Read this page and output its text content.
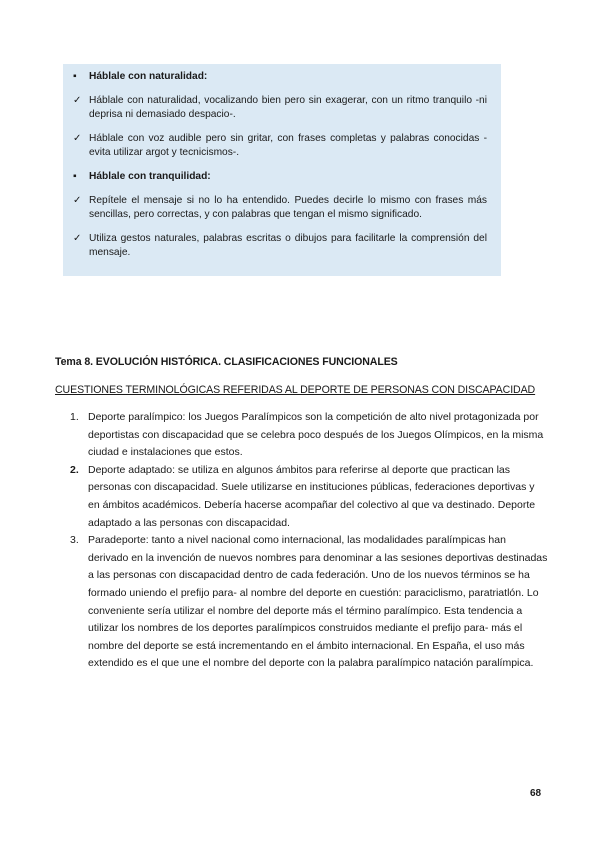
▪ Háblale con naturalidad:
✓ Háblale con naturalidad, vocalizando bien pero sin exagerar, con un ritmo tranquilo -ni deprisa ni demasiado despacio-.
✓ Háblale con voz audible pero sin gritar, con frases completas y palabras conocidas -evita utilizar argot y tecnicismos-.
▪ Háblale con tranquilidad:
✓ Repítele el mensaje si no lo ha entendido. Puedes decirle lo mismo con frases más sencillas, pero correctas, y con palabras que tengan el mismo significado.
✓ Utiliza gestos naturales, palabras escritas o dibujos para facilitarle la comprensión del mensaje.
Tema 8. EVOLUCIÓN HISTÓRICA. CLASIFICACIONES FUNCIONALES
CUESTIONES TERMINOLÓGICAS REFERIDAS AL DEPORTE DE PERSONAS CON DISCAPACIDAD
1. Deporte paralímpico: los Juegos Paralímpicos son la competición de alto nivel protagonizada por deportistas con discapacidad que se celebra poco después de los Juegos Olímpicos, en la misma ciudad e instalaciones que estos.
2. Deporte adaptado: se utiliza en algunos ámbitos para referirse al deporte que practican las personas con discapacidad. Suele utilizarse en instituciones públicas, federaciones deportivas y en ámbitos académicos. Debería hacerse acompañar del colectivo al que va destinado. Deporte adaptado a las personas con discapacidad.
3. Paradeporte: tanto a nivel nacional como internacional, las modalidades paralímpicas han derivado en la invención de nuevos nombres para denominar a las sesiones deportivas destinadas a las personas con discapacidad dentro de cada federación. Uno de los nuevos términos se ha formado uniendo el prefijo para- al nombre del deporte en cuestión: paraciclismo, paratriatlón. Lo conveniente sería utilizar el nombre del deporte más el término paralímpico. Esta tendencia a utilizar los nombres de los deportes paralímpicos construidos mediante el prefijo para- más el nombre del deporte se está incrementando en el ámbito internacional. En España, el uso más extendido es el que une el nombre del deporte con la palabra paralímpico natación paralímpica.
68
